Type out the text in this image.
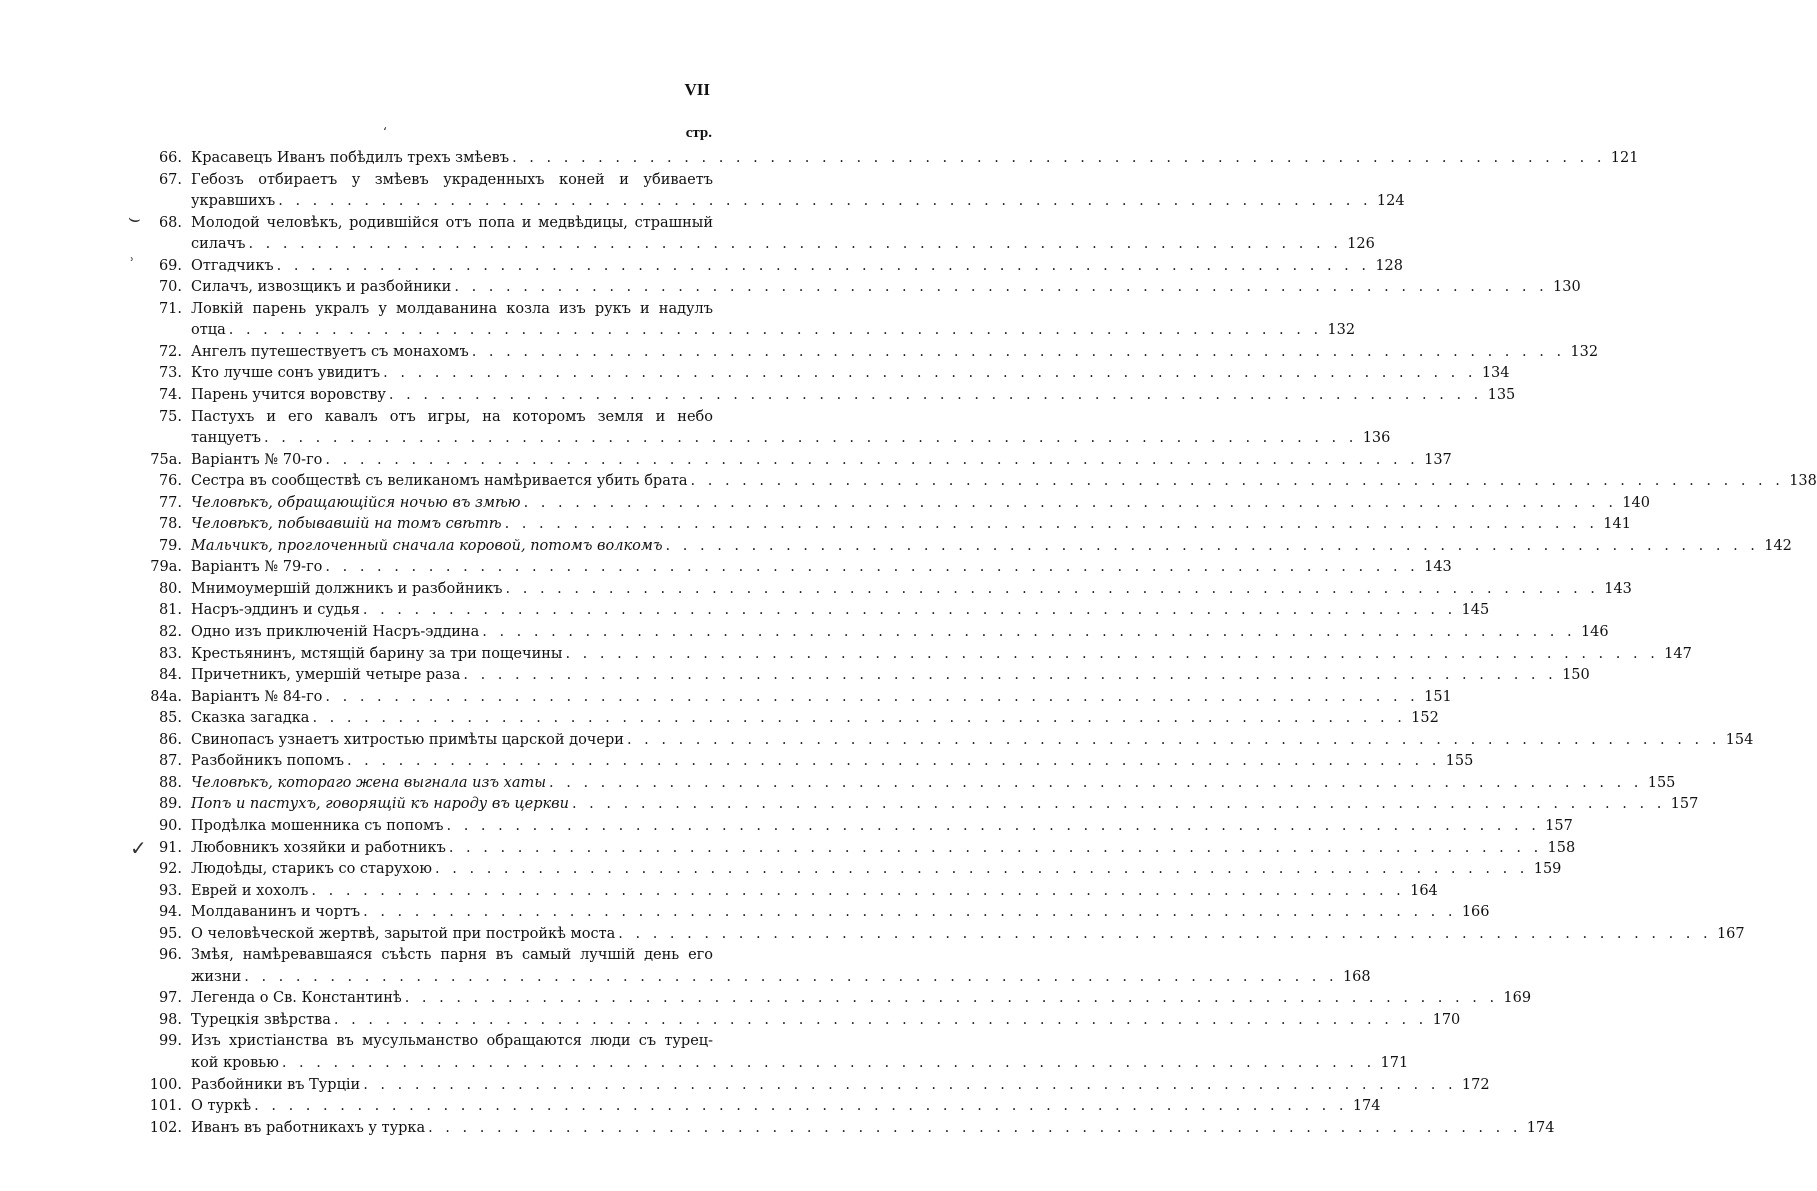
VII
‘	стр.
⌣
ʾ
✓
66. Красавецъ Иванъ побѣдилъ трехъ змѣевъ . . .	121
67. Гебозъ отбираетъ у змѣевъ украденныхъ коней и убиваетъ
укравшихъ . . .	124
68. Молодой человѣкъ, родившійся отъ попа и медвѣдицы, страшный
силачъ . . .	126
69. Отгадчикъ . . .	128
70. Силачъ, извозщикъ и разбойники . . .	130
71. Ловкій парень укралъ у молдаванина козла изъ рукъ и надулъ
отца . . .	132
72. Ангелъ путешествуетъ съ монахомъ . . .	132
73. Кто лучше сонъ увидитъ . . .	134
74. Парень учится воровству . . .	135
75. Пастухъ и его кавалъ отъ игры, на которомъ земля и небо
танцуетъ . . .	136
75а. Варіантъ № 70-го . . .	137
76. Сестра въ сообществѣ съ великаномъ намѣривается убить брата . . .	138
77. Человѣкъ, обращающійся ночью въ змѣю . . .	140
78. Человѣкъ, побывавшій на томъ свѣтѣ . . .	141
79. Мальчикъ, проглоченный сначала коровой, потомъ волкомъ . . .	142
79а. Варіантъ № 79-го . . .	143
80. Мнимоумершій должникъ и разбойникъ . . .	143
81. Насръ-эддинъ и судья . . .	145
82. Одно изъ приключеній Насръ-эддина . . .	146
83. Крестьянинъ, мстящій барину за три пощечины . . .	147
84. Причетникъ, умершій четыре раза . . .	150
84а. Варіантъ № 84-го . . .	151
85. Сказка загадка . . .	152
86. Свинопасъ узнаетъ хитростью примѣты царской дочери . . .	154
87. Разбойникъ попомъ . . .	155
88. Человѣкъ, котораго жена выгнала изъ хаты . . .	155
89. Попъ и пастухъ, говорящій къ народу въ церкви . . .	157
90. Продѣлка мошенника съ попомъ . . .	157
91. Любовникъ хозяйки и работникъ . . .	158
92. Людоѣды, старикъ со старухою . . .	159
93. Еврей и хохолъ . . .	164
94. Молдаванинъ и чортъ . . .	166
95. О человѣческой жертвѣ, зарытой при постройкѣ моста . . .	167
96. Змѣя, намѣревавшаяся съѣсть парня въ самый лучшій день его
жизни . . .	168
97. Легенда о Св. Константинѣ . . .	169
98. Турецкія звѣрства . . .	170
99. Изъ христіанства въ мусульманство обращаются люди съ турец-
кой кровью . . .	171
100. Разбойники въ Турціи . . .	172
101. О туркѣ . . .	174
102. Иванъ въ работникахъ у турка . . .	174
